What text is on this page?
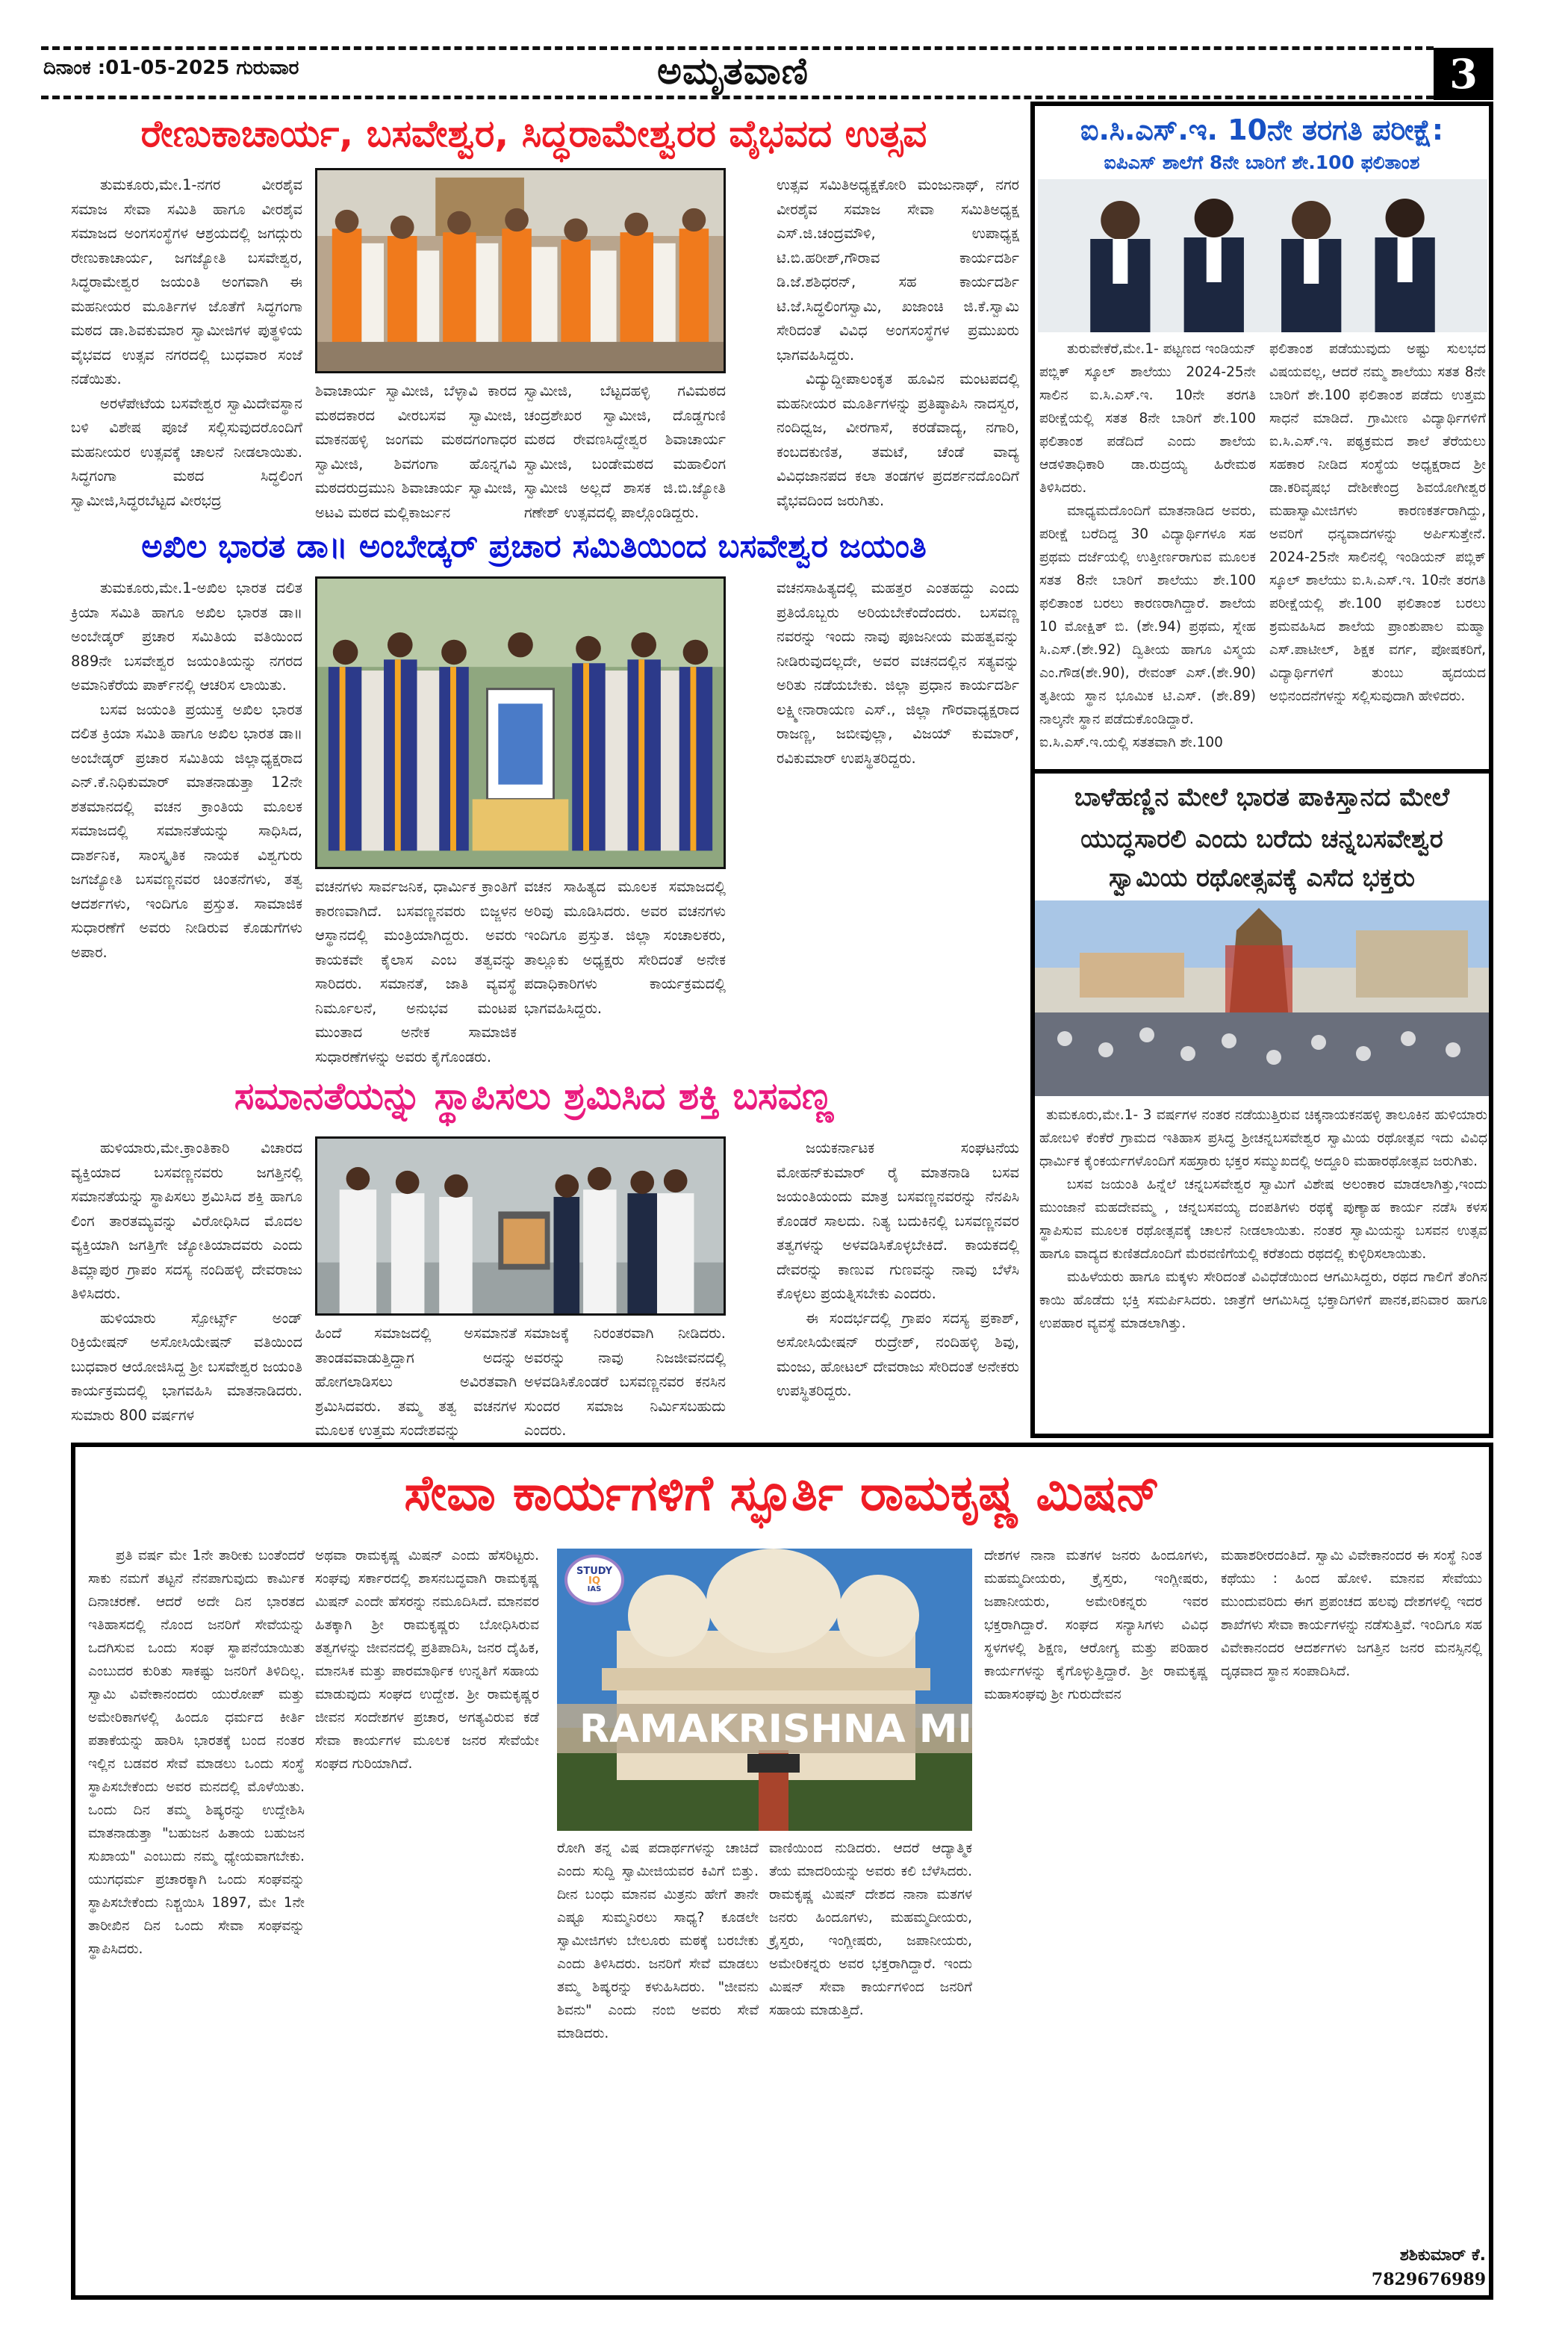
ದಿನಾಂಕ :01-05-2025 ಗುರುವಾರ	ಅಮೃತವಾಣಿ	3
ರೇಣುಕಾಚಾರ್ಯ, ಬಸವೇಶ್ವರ, ಸಿದ್ಧರಾಮೇಶ್ವರರ ವೈಭವದ ಉತ್ಸವ

ತುಮಕೂರು,ಮೇ.1-ನಗರ ವೀರಶೈವ ಸಮಾಜ ಸೇವಾ ಸಮಿತಿ ಹಾಗೂ ವೀರಶೈವ ಸಮಾಜದ ಅಂಗಸಂಸ್ಥೆಗಳ ಆಶ್ರಯದಲ್ಲಿ ಜಗದ್ಗುರು ರೇಣುಕಾಚಾರ್ಯ, ಜಗಜ್ಯೋತಿ ಬಸವೇಶ್ವರ, ಸಿದ್ಧರಾಮೇಶ್ವರ ಜಯಂತಿ ಅಂಗವಾಗಿ ಈ ಮಹನೀಯರ ಮೂರ್ತಿಗಳ ಜೊತೆಗೆ ಸಿದ್ಧಗಂಗಾ ಮಠದ ಡಾ.ಶಿವಕುಮಾರ ಸ್ವಾಮೀಜಿಗಳ ಪುತ್ಥಳಿಯ ವೈಭವದ ಉತ್ಸವ ನಗರದಲ್ಲಿ ಬುಧವಾರ ಸಂಜೆ ನಡೆಯಿತು.

ಅರಳೆಪೇಟೆಯ ಬಸವೇಶ್ವರ ಸ್ವಾಮಿದೇವಸ್ಥಾನ ಬಳಿ ವಿಶೇಷ ಪೂಜೆ ಸಲ್ಲಿಸುವುದರೊಂದಿಗೆ ಮಹನೀಯರ ಉತ್ಸವಕ್ಕೆ ಚಾಲನೆ ನೀಡಲಾಯಿತು. ಸಿದ್ಧಗಂಗಾ ಮಠದ ಸಿದ್ಧಲಿಂಗ ಸ್ವಾಮೀಜಿ,ಸಿದ್ಧರಬೆಟ್ಟದ ವೀರಭದ್ರ

ಶಿವಾಚಾರ್ಯ ಸ್ವಾಮೀಜಿ, ಬೆಳ್ಳಾವಿ ಕಾರದ ಮಠದಕಾರದ ವೀರಬಸವ ಸ್ವಾಮೀಜಿ, ಮಾಕನಹಳ್ಳಿ ಜಂಗಮ ಮಠದಗಂಗಾಧರ ಸ್ವಾಮೀಜಿ, ಶಿವಗಂಗಾ ಹೊನ್ನಗವಿ ಮಠದರುದ್ರಮುನಿ ಶಿವಾಚಾರ್ಯ ಸ್ವಾಮೀಜಿ, ಅಟವಿ ಮಠದ ಮಲ್ಲಿಕಾರ್ಜುನ

ಸ್ವಾಮೀಜಿ, ಬೆಟ್ಟದಹಳ್ಳಿ ಗವಿಮಠದ ಚಂದ್ರಶೇಖರ ಸ್ವಾಮೀಜಿ, ದೊಡ್ಡಗುಣಿ ಮಠದ ರೇವಣಸಿದ್ದೇಶ್ವರ ಶಿವಾಚಾರ್ಯ ಸ್ವಾಮೀಜಿ, ಬಂಡೇಮಠದ ಮಹಾಲಿಂಗ ಸ್ವಾಮೀಜಿ ಅಲ್ಲದೆ ಶಾಸಕ ಜಿ.ಬಿ.ಜ್ಯೋತಿ ಗಣೇಶ್ ಉತ್ಸವದಲ್ಲಿ ಪಾಲ್ಗೊಂಡಿದ್ದರು.

ಉತ್ಸವ ಸಮಿತಿಅಧ್ಯಕ್ಷಕೋರಿ ಮಂಜುನಾಥ್, ನಗರ ವೀರಶೈವ ಸಮಾಜ ಸೇವಾ ಸಮಿತಿಅಧ್ಯಕ್ಷ ಎಸ್.ಜಿ.ಚಂದ್ರಮೌಳಿ, ಉಪಾಧ್ಯಕ್ಷ ಟಿ.ಬಿ.ಹರೀಶ್,ಗೌರಾವ ಕಾರ್ಯದರ್ಶಿ ಡಿ.ಜೆ.ಶಶಿಧರನ್, ಸಹ ಕಾರ್ಯದರ್ಶಿ ಟಿ.ಜೆ.ಸಿದ್ಧಲಿಂಗಸ್ವಾಮಿ, ಖಜಾಂಚಿ ಜಿ.ಕೆ.ಸ್ವಾಮಿ ಸೇರಿದಂತೆ ವಿವಿಧ ಅಂಗಸಂಸ್ಥೆಗಳ ಪ್ರಮುಖರು ಭಾಗವಹಿಸಿದ್ದರು.

ವಿದ್ಯುದ್ದೀಪಾಲಂಕೃತ ಹೂವಿನ ಮಂಟಪದಲ್ಲಿ ಮಹನೀಯರ ಮೂರ್ತಿಗಳನ್ನು ಪ್ರತಿಷ್ಠಾಪಿಸಿ ನಾದಸ್ವರ, ನಂದಿಧ್ವಜ, ವೀರಗಾಸೆ, ಕರಡೆವಾದ್ಯ, ನಗಾರಿ, ಕಂಬದಕುಣಿತ, ತಮಟೆ, ಚೆಂಡೆ ವಾದ್ಯ ವಿವಿಧಜಾನಪದ ಕಲಾ ತಂಡಗಳ ಪ್ರದರ್ಶನದೊಂದಿಗೆ ವೈಭವದಿಂದ ಜರುಗಿತು.

ಐ.ಸಿ.ಎಸ್.ಇ. 10ನೇ ತರಗತಿ ಪರೀಕ್ಷೆ:
ಐಪಿಎಸ್ ಶಾಲೆಗೆ 8ನೇ ಬಾರಿಗೆ ಶೇ.100 ಫಲಿತಾಂಶ

ತುರುವೇಕೆರೆ,ಮೇ.1- ಪಟ್ಟಣದ ಇಂಡಿಯನ್ ಪಬ್ಲಿಕ್ ಸ್ಕೂಲ್ ಶಾಲೆಯು 2024-25ನೇ ಸಾಲಿನ ಐ.ಸಿ.ಎಸ್.ಇ. 10ನೇ ತರಗತಿ ಪರೀಕ್ಷೆಯಲ್ಲಿ ಸತತ 8ನೇ ಬಾರಿಗೆ ಶೇ.100 ಫಲಿತಾಂಶ ಪಡೆದಿದೆ ಎಂದು ಶಾಲೆಯ ಆಡಳಿತಾಧಿಕಾರಿ ಡಾ.ರುದ್ರಯ್ಯ ಹಿರೇಮಠ ತಿಳಿಸಿದರು.

ಮಾಧ್ಯಮದೊಂದಿಗೆ ಮಾತನಾಡಿದ ಅವರು, ಪರೀಕ್ಷೆ ಬರೆದಿದ್ದ 30 ವಿದ್ಯಾರ್ಥಿಗಳೂ ಸಹ ಪ್ರಥಮ ದರ್ಜೆಯಲ್ಲಿ ಉತ್ತೀರ್ಣರಾಗುವ ಮೂಲಕ ಸತತ 8ನೇ ಬಾರಿಗೆ ಶಾಲೆಯು ಶೇ.100 ಫಲಿತಾಂಶ ಬರಲು ಕಾರಣರಾಗಿದ್ದಾರೆ. ಶಾಲೆಯ 10 ಮೋಕ್ಷಿತ್ ಬಿ. (ಶೇ.94) ಪ್ರಥಮ, ಸ್ನೇಹ ಸಿ.ಎಸ್.(ಶೇ.92) ದ್ವಿತೀಯ ಹಾಗೂ ವಿಸ್ಮಯ ಎಂ.ಗೌಡ(ಶೇ.90), ರೇವಂತ್ ಎಸ್.(ಶೇ.90) ತೃತೀಯ ಸ್ಥಾನ ಭೂಮಿಕ ಟಿ.ಎಸ್. (ಶೇ.89) ನಾಲ್ಕನೇ ಸ್ಥಾನ ಪಡೆದುಕೊಂಡಿದ್ದಾರೆ.

ಐ.ಸಿ.ಎಸ್.ಇ.ಯಲ್ಲಿ ಸತತವಾಗಿ ಶೇ.100

ಫಲಿತಾಂಶ ಪಡೆಯುವುದು ಅಷ್ಟು ಸುಲಭದ ವಿಷಯವಲ್ಲ, ಆದರೆ ನಮ್ಮ ಶಾಲೆಯು ಸತತ 8ನೇ ಬಾರಿಗೆ ಶೇ.100 ಫಲಿತಾಂಶ ಪಡೆದು ಉತ್ತಮ ಸಾಧನೆ ಮಾಡಿದೆ. ಗ್ರಾಮೀಣ ವಿದ್ಯಾರ್ಥಿಗಳಿಗೆ ಐ.ಸಿ.ಎಸ್.ಇ. ಪಠ್ಯಕ್ರಮದ ಶಾಲೆ ತೆರೆಯಲು ಸಹಕಾರ ನೀಡಿದ ಸಂಸ್ಥೆಯ ಅಧ್ಯಕ್ಷರಾದ ಶ್ರೀ ಡಾ.ಕರಿವೃಷಭ ದೇಶೀಕೇಂದ್ರ ಶಿವಯೋಗೀಶ್ವರ ಮಹಾಸ್ವಾಮೀಜಿಗಳು ಕಾರಣಕರ್ತರಾಗಿದ್ದು, ಅವರಿಗೆ ಧನ್ಯವಾದಗಳನ್ನು ಅರ್ಪಿಸುತ್ತೇನೆ. 2024-25ನೇ ಸಾಲಿನಲ್ಲಿ ಇಂಡಿಯನ್ ಪಬ್ಲಿಕ್ ಸ್ಕೂಲ್ ಶಾಲೆಯು ಐ.ಸಿ.ಎಸ್.ಇ. 10ನೇ ತರಗತಿ ಪರೀಕ್ಷೆಯಲ್ಲಿ ಶೇ.100 ಫಲಿತಾಂಶ ಬರಲು ಶ್ರಮವಹಿಸಿದ ಶಾಲೆಯ ಪ್ರಾಂಶುಪಾಲ ಮಹ್ಮಾ ಎಸ್.ಪಾಟೀಲ್, ಶಿಕ್ಷಕ ವರ್ಗ, ಪೋಷಕರಿಗೆ, ವಿದ್ಯಾರ್ಥಿಗಳಿಗೆ ತುಂಬು ಹೃದಯದ ಅಭಿನಂದನೆಗಳನ್ನು ಸಲ್ಲಿಸುವುದಾಗಿ ಹೇಳಿದರು.

ಬಾಳೆಹಣ್ಣಿನ ಮೇಲೆ ಭಾರತ ಪಾಕಿಸ್ತಾನದ ಮೇಲೆ
ಯುದ್ಧಸಾರಲಿ ಎಂದು ಬರೆದು ಚನ್ನಬಸವೇಶ್ವರ
ಸ್ವಾಮಿಯ ರಥೋತ್ಸವಕ್ಕೆ ಎಸೆದ ಭಕ್ತರು

ತುಮಕೂರು,ಮೇ.1- 3 ವರ್ಷಗಳ ನಂತರ ನಡೆಯುತ್ತಿರುವ ಚಿಕ್ಕನಾಯಕನಹಳ್ಳಿ ತಾಲೂಕಿನ ಹುಳಿಯಾರು ಹೋಬಳಿ ಕೆಂಕೆರೆ ಗ್ರಾಮದ ಇತಿಹಾಸ ಪ್ರಸಿದ್ಧ ಶ್ರೀಚನ್ನಬಸವೇಶ್ವರ ಸ್ವಾಮಿಯ ರಥೋತ್ಸವ ಇದು ವಿವಿಧ ಧಾರ್ಮಿಕ ಕೈಂಕರ್ಯಗಳೊಂದಿಗೆ ಸಹಸ್ರಾರು ಭಕ್ತರ ಸಮ್ಮುಖದಲ್ಲಿ ಅದ್ದೂರಿ ಮಹಾರಥೋತ್ಸವ ಜರುಗಿತು.

ಬಸವ ಜಯಂತಿ ಹಿನ್ನೆಲೆ ಚನ್ನಬಸವೇಶ್ವರ ಸ್ವಾಮಿಗೆ ವಿಶೇಷ ಅಲಂಕಾರ ಮಾಡಲಾಗಿತ್ತು,ಇಂದು ಮುಂಜಾನೆ ಮಹದೇವಮ್ಮ , ಚನ್ನಬಸವಯ್ಯ ದಂಪತಿಗಳು ರಥಕ್ಕೆ ಪುಣ್ಯಾಹ ಕಾರ್ಯ ನಡೆಸಿ ಕಳಸ ಸ್ಥಾಪಿಸುವ ಮೂಲಕ ರಥೋತ್ಸವಕ್ಕೆ ಚಾಲನೆ ನೀಡಲಾಯಿತು. ನಂತರ ಸ್ವಾಮಿಯನ್ನು ಬಸವನ ಉತ್ಸವ ಹಾಗೂ ವಾದ್ಯದ ಕುಣಿತದೊಂದಿಗೆ ಮೆರವಣಿಗೆಯಲ್ಲಿ ಕರೆತಂದು ರಥದಲ್ಲಿ ಕುಳ್ಳಿರಿಸಲಾಯಿತು.

ಮಹಿಳೆಯರು ಹಾಗೂ ಮಕ್ಕಳು ಸೇರಿದಂತೆ ವಿವಿಧೆಡೆಯಿಂದ ಆಗಮಿಸಿದ್ದರು, ರಥದ ಗಾಲಿಗೆ ತೆಂಗಿನ ಕಾಯಿ ಹೊಡೆದು ಭಕ್ತಿ ಸಮರ್ಪಿಸಿದರು. ಜಾತ್ರೆಗೆ ಆಗಮಿಸಿದ್ದ ಭಕ್ತಾದಿಗಳಿಗೆ ಪಾನಕ,ಪನಿವಾರ ಹಾಗೂ ಉಪಹಾರ ವ್ಯವಸ್ಥೆ ಮಾಡಲಾಗಿತ್ತು.

ಅಖಿಲ ಭಾರತ ಡಾ॥ ಅಂಬೇಡ್ಕರ್ ಪ್ರಚಾರ ಸಮಿತಿಯಿಂದ ಬಸವೇಶ್ವರ ಜಯಂತಿ

ತುಮಕೂರು,ಮೇ.1-ಅಖಿಲ ಭಾರತ ದಲಿತ ಕ್ರಿಯಾ ಸಮಿತಿ ಹಾಗೂ ಅಖಿಲ ಭಾರತ ಡಾ॥ ಅಂಬೇಡ್ಕರ್ ಪ್ರಚಾರ ಸಮಿತಿಯ ವತಿಯಿಂದ 889ನೇ ಬಸವೇಶ್ವರ ಜಯಂತಿಯನ್ನು ನಗರದ ಅಮಾನಿಕೆರೆಯ ಪಾರ್ಕ್‌ನಲ್ಲಿ ಆಚರಿಸ ಲಾಯಿತು.

ಬಸವ ಜಯಂತಿ ಪ್ರಯುಕ್ತ ಅಖಿಲ ಭಾರತ ದಲಿತ ಕ್ರಿಯಾ ಸಮಿತಿ ಹಾಗೂ ಅಖಿಲ ಭಾರತ ಡಾ॥ ಅಂಬೇಡ್ಕರ್ ಪ್ರಚಾರ ಸಮಿತಿಯ ಜಿಲ್ಲಾಧ್ಯಕ್ಷರಾದ ಎನ್.ಕೆ.ನಿಧಿಕುಮಾರ್ ಮಾತನಾಡುತ್ತಾ 12ನೇ ಶತಮಾನದಲ್ಲಿ ವಚನ ಕ್ರಾಂತಿಯ ಮೂಲಕ ಸಮಾಜದಲ್ಲಿ ಸಮಾನತೆಯನ್ನು ಸಾಧಿಸಿದ, ದಾರ್ಶನಿಕ, ಸಾಂಸ್ಕೃತಿಕ ನಾಯಕ ವಿಶ್ವಗುರು ಜಗಜ್ಯೋತಿ ಬಸವಣ್ಣನವರ ಚಿಂತನೆಗಳು, ತತ್ವ ಆದರ್ಶಗಳು, ಇಂದಿಗೂ ಪ್ರಸ್ತುತ. ಸಾಮಾಜಿಕ ಸುಧಾರಣೆಗೆ ಅವರು ನೀಡಿರುವ ಕೊಡುಗೆಗಳು ಅಪಾರ.

ವಚನಗಳು ಸಾರ್ವಜನಿಕ, ಧಾರ್ಮಿಕ ಕ್ರಾಂತಿಗೆ ಕಾರಣವಾಗಿದೆ. ಬಸವಣ್ಣನವರು ಬಿಜ್ಜಳನ ಆಸ್ಥಾನದಲ್ಲಿ ಮಂತ್ರಿಯಾಗಿದ್ದರು. ಅವರು ಕಾಯಕವೇ ಕೈಲಾಸ ಎಂಬ ತತ್ವವನ್ನು ಸಾರಿದರು. ಸಮಾನತೆ, ಜಾತಿ ವ್ಯವಸ್ಥೆ ನಿರ್ಮೂಲನೆ, ಅನುಭವ ಮಂಟಪ ಮುಂತಾದ ಅನೇಕ ಸಾಮಾಜಿಕ ಸುಧಾರಣೆಗಳನ್ನು ಅವರು ಕೈಗೊಂಡರು.

ವಚನ ಸಾಹಿತ್ಯದ ಮೂಲಕ ಸಮಾಜದಲ್ಲಿ ಅರಿವು ಮೂಡಿಸಿದರು. ಅವರ ವಚನಗಳು ಇಂದಿಗೂ ಪ್ರಸ್ತುತ. ಜಿಲ್ಲಾ ಸಂಚಾಲಕರು, ತಾಲ್ಲೂಕು ಅಧ್ಯಕ್ಷರು ಸೇರಿದಂತೆ ಅನೇಕ ಪದಾಧಿಕಾರಿಗಳು ಕಾರ್ಯಕ್ರಮದಲ್ಲಿ ಭಾಗವಹಿಸಿದ್ದರು.

ವಚನಸಾಹಿತ್ಯದಲ್ಲಿ ಮಹತ್ತರ ಎಂತಹದ್ದು ಎಂದು ಪ್ರತಿಯೊಬ್ಬರು ಅರಿಯಬೇಕೆಂದೆಂದರು. ಬಸವಣ್ಣ ನವರನ್ನು ಇಂದು ನಾವು ಪೂಜನೀಯ ಮಹತ್ವವನ್ನು ನೀಡಿರುವುದಲ್ಲದೇ, ಅವರ ವಚನದಲ್ಲಿನ ಸತ್ಯವನ್ನು ಅರಿತು ನಡೆಯಬೇಕು. ಜಿಲ್ಲಾ ಪ್ರಧಾನ ಕಾರ್ಯದರ್ಶಿ ಲಕ್ಷ್ಮೀನಾರಾಯಣ ಎಸ್., ಜಿಲ್ಲಾ ಗೌರವಾಧ್ಯಕ್ಷರಾದ ರಾಜಣ್ಣ, ಜಬೀವುಲ್ಲಾ, ವಿಜಯ್ ಕುಮಾರ್, ರವಿಕುಮಾರ್ ಉಪಸ್ಥಿತರಿದ್ದರು.

ಸಮಾನತೆಯನ್ನು ಸ್ಥಾಪಿಸಲು ಶ್ರಮಿಸಿದ ಶಕ್ತಿ ಬಸವಣ್ಣ

ಹುಳಿಯಾರು,ಮೇ.ಕ್ರಾಂತಿಕಾರಿ ವಿಚಾರದ ವ್ಯಕ್ತಿಯಾದ ಬಸವಣ್ಣನವರು ಜಗತ್ತಿನಲ್ಲಿ ಸಮಾನತೆಯನ್ನು ಸ್ಥಾಪಿಸಲು ಶ್ರಮಿಸಿದ ಶಕ್ತಿ ಹಾಗೂ ಲಿಂಗ ತಾರತಮ್ಯವನ್ನು ವಿರೋಧಿಸಿದ ಮೊದಲ ವ್ಯಕ್ತಿಯಾಗಿ ಜಗತ್ತಿಗೇ ಜ್ಯೋತಿಯಾದವರು ಎಂದು ತಿಮ್ಲಾಪುರ ಗ್ರಾಪಂ ಸದಸ್ಯ ನಂದಿಹಳ್ಳಿ ದೇವರಾಜು ತಿಳಿಸಿದರು.

ಹುಳಿಯಾರು ಸ್ಪೋರ್ಟ್ಸ್ ಅಂಡ್ ರಿಕ್ರಿಯೇಷನ್ ಅಸೋಸಿಯೇಷನ್ ವತಿಯಿಂದ ಬುಧವಾರ ಆಯೋಜಿಸಿದ್ದ ಶ್ರೀ ಬಸವೇಶ್ವರ ಜಯಂತಿ ಕಾರ್ಯಕ್ರಮದಲ್ಲಿ ಭಾಗವಹಿಸಿ ಮಾತನಾಡಿದರು. ಸುಮಾರು 800 ವರ್ಷಗಳ

ಹಿಂದೆ ಸಮಾಜದಲ್ಲಿ ಅಸಮಾನತೆ ತಾಂಡವವಾಡುತ್ತಿದ್ದಾಗ ಅದನ್ನು ಹೋಗಲಾಡಿಸಲು ಅವಿರತವಾಗಿ ಶ್ರಮಿಸಿದವರು. ತಮ್ಮ ತತ್ವ ವಚನಗಳ ಮೂಲಕ ಉತ್ತಮ ಸಂದೇಶವನ್ನು

ಸಮಾಜಕ್ಕೆ ನಿರಂತರವಾಗಿ ನೀಡಿದರು. ಅವರನ್ನು ನಾವು ನಿಜಜೀವನದಲ್ಲಿ ಅಳವಡಿಸಿಕೊಂಡರೆ ಬಸವಣ್ಣನವರ ಕನಸಿನ ಸುಂದರ ಸಮಾಜ ನಿರ್ಮಿಸಬಹುದು ಎಂದರು.

ಜಯಕರ್ನಾಟಕ ಸಂಘಟನೆಯ ಮೋಹನ್‌ಕುಮಾರ್ ರೈ ಮಾತನಾಡಿ ಬಸವ ಜಯಂತಿಯಂದು ಮಾತ್ರ ಬಸವಣ್ಣನವರನ್ನು ನೆನಪಿಸಿ ಕೊಂಡರೆ ಸಾಲದು. ನಿತ್ಯ ಬದುಕಿನಲ್ಲಿ ಬಸವಣ್ಣನವರ ತತ್ವಗಳನ್ನು ಅಳವಡಿಸಿಕೊಳ್ಳಬೇಕಿದೆ. ಕಾಯಕದಲ್ಲಿ ದೇವರನ್ನು ಕಾಣುವ ಗುಣವನ್ನು ನಾವು ಬೆಳೆಸಿ ಕೊಳ್ಳಲು ಪ್ರಯತ್ನಿಸಬೇಕು ಎಂದರು.

ಈ ಸಂದರ್ಭದಲ್ಲಿ ಗ್ರಾಪಂ ಸದಸ್ಯ ಪ್ರಕಾಶ್, ಅಸೋಸಿಯೇಷನ್ ರುದ್ರೇಶ್, ನಂದಿಹಳ್ಳಿ ಶಿವು, ಮಂಜು, ಹೋಟಲ್ ದೇವರಾಜು ಸೇರಿದಂತೆ ಅನೇಕರು ಉಪಸ್ಥಿತರಿದ್ದರು.

ಸೇವಾ ಕಾರ್ಯಗಳಿಗೆ ಸ್ಫೂರ್ತಿ ರಾಮಕೃಷ್ಣ ಮಿಷನ್

ಪ್ರತಿ ವರ್ಷ ಮೇ 1ನೇ ತಾರೀಕು ಬಂತೆಂದರೆ ಸಾಕು ನಮಗೆ ತಟ್ಟನೆ ನೆನಪಾಗುವುದು ಕಾರ್ಮಿಕ ದಿನಾಚರಣೆ. ಆದರೆ ಅದೇ ದಿನ ಭಾರತದ ಇತಿಹಾಸದಲ್ಲಿ ನೊಂದ ಜನರಿಗೆ ಸೇವೆಯನ್ನು ಒದಗಿಸುವ ಒಂದು ಸಂಘ ಸ್ಥಾಪನೆಯಾಯಿತು ಎಂಬುದರ ಕುರಿತು ಸಾಕಷ್ಟು ಜನರಿಗೆ ತಿಳಿದಿಲ್ಲ. ಸ್ವಾಮಿ ವಿವೇಕಾನಂದರು ಯುರೋಪ್ ಮತ್ತು ಅಮೇರಿಕಾಗಳಲ್ಲಿ ಹಿಂದೂ ಧರ್ಮದ ಕೀರ್ತಿ ಪತಾಕೆಯನ್ನು ಹಾರಿಸಿ ಭಾರತಕ್ಕೆ ಬಂದ ನಂತರ ಇಲ್ಲಿನ ಬಡವರ ಸೇವೆ ಮಾಡಲು ಒಂದು ಸಂಸ್ಥೆ ಸ್ಥಾಪಿಸಬೇಕೆಂದು ಅವರ ಮನದಲ್ಲಿ ಮೊಳೆಯಿತು. ಒಂದು ದಿನ ತಮ್ಮ ಶಿಷ್ಯರನ್ನು ಉದ್ದೇಶಿಸಿ ಮಾತನಾಡುತ್ತಾ "ಬಹುಜನ ಹಿತಾಯ ಬಹುಜನ ಸುಖಾಯ" ಎಂಬುದು ನಮ್ಮ ಧ್ಯೇಯವಾಗಬೇಕು. ಯುಗಧರ್ಮ ಪ್ರಚಾರಕ್ಕಾಗಿ ಒಂದು ಸಂಘವನ್ನು ಸ್ಥಾಪಿಸಬೇಕೆಂದು ನಿಶ್ಚಯಿಸಿ 1897, ಮೇ 1ನೇ ತಾರೀಖಿನ ದಿನ ಒಂದು ಸೇವಾ ಸಂಘವನ್ನು ಸ್ಥಾಪಿಸಿದರು.

ಅಥವಾ ರಾಮಕೃಷ್ಣ ಮಿಷನ್ ಎಂದು ಹೆಸರಿಟ್ಟರು. ಸಂಘವು ಸರ್ಕಾರದಲ್ಲಿ ಶಾಸನಬದ್ಧವಾಗಿ ರಾಮಕೃಷ್ಣ ಮಿಷನ್ ಎಂದೇ ಹೆಸರನ್ನು ನಮೂದಿಸಿದೆ. ಮಾನವರ ಹಿತಕ್ಕಾಗಿ ಶ್ರೀ ರಾಮಕೃಷ್ಣರು ಬೋಧಿಸಿರುವ ತತ್ವಗಳನ್ನು ಜೀವನದಲ್ಲಿ ಪ್ರತಿಪಾದಿಸಿ, ಜನರ ದೈಹಿಕ, ಮಾನಸಿಕ ಮತ್ತು ಪಾರಮಾರ್ಥಿಕ ಉನ್ನತಿಗೆ ಸಹಾಯ ಮಾಡುವುದು ಸಂಘದ ಉದ್ದೇಶ. ಶ್ರೀ ರಾಮಕೃಷ್ಣರ ಜೀವನ ಸಂದೇಶಗಳ ಪ್ರಚಾರ, ಅಗತ್ಯವಿರುವ ಕಡೆ ಸೇವಾ ಕಾರ್ಯಗಳ ಮೂಲಕ ಜನರ ಸೇವೆಯೇ ಸಂಘದ ಗುರಿಯಾಗಿದೆ.

RAMAKRISHNA MISSION
STUDY
IQ
IAS

ರೋಗಿ ತನ್ನ ವಿಷ ಪದಾರ್ಥಗಳನ್ನು ಚಾಚಿದೆ ಎಂದು ಸುದ್ದಿ ಸ್ವಾಮೀಜಿಯವರ ಕಿವಿಗೆ ಬಿತ್ತು. ದೀನ ಬಂಧು ಮಾನವ ಮಿತ್ರನು ಹೇಗೆ ತಾನೇ ಎಷ್ಟೂ ಸುಮ್ಮನಿರಲು ಸಾಧ್ಯ? ಕೂಡಲೇ ಸ್ವಾಮೀಜಿಗಳು ಬೇಲೂರು ಮಠಕ್ಕೆ ಬರಬೇಕು ಎಂದು ತಿಳಿಸಿದರು. ಜನರಿಗೆ ಸೇವೆ ಮಾಡಲು ತಮ್ಮ ಶಿಷ್ಯರನ್ನು ಕಳುಹಿಸಿದರು. "ಜೀವನು ಶಿವನು" ಎಂದು ನಂಬಿ ಅವರು ಸೇವೆ ಮಾಡಿದರು.

ವಾಣಿಯಿಂದ ನುಡಿದರು. ಆದರೆ ಆದ್ಯಾತ್ಮಿಕ ತೆಯ ಮಾದರಿಯನ್ನು ಅವರು ಕಲಿ ಬೆಳೆಸಿದರು. ರಾಮಕೃಷ್ಣ ಮಿಷನ್ ದೇಶದ ನಾನಾ ಮತಗಳ ಜನರು ಹಿಂದೂಗಳು, ಮಹಮ್ಮದೀಯರು, ಕ್ರೈಸ್ತರು, ಇಂಗ್ಲೀಷರು, ಜಪಾನೀಯರು, ಅಮೇರಿಕನ್ನರು ಅವರ ಭಕ್ತರಾಗಿದ್ದಾರೆ. ಇಂದು ಮಿಷನ್ ಸೇವಾ ಕಾರ್ಯಗಳಿಂದ ಜನರಿಗೆ ಸಹಾಯ ಮಾಡುತ್ತಿದೆ.

ದೇಶಗಳ ನಾನಾ ಮತಗಳ ಜನರು ಹಿಂದೂಗಳು, ಮಹಮ್ಮದೀಯರು, ಕ್ರೈಸ್ತರು, ಇಂಗ್ಲೀಷರು, ಜಪಾನೀಯರು, ಅಮೇರಿಕನ್ನರು ಇವರ ಭಕ್ತರಾಗಿದ್ದಾರೆ. ಸಂಘದ ಸನ್ಯಾಸಿಗಳು ವಿವಿಧ ಸ್ಥಳಗಳಲ್ಲಿ ಶಿಕ್ಷಣ, ಆರೋಗ್ಯ ಮತ್ತು ಪರಿಹಾರ ಕಾರ್ಯಗಳನ್ನು ಕೈಗೊಳ್ಳುತ್ತಿದ್ದಾರೆ. ಶ್ರೀ ರಾಮಕೃಷ್ಣ ಮಹಾಸಂಘವು ಶ್ರೀ ಗುರುದೇವನ

ಮಹಾಶರೀರದಂತಿದೆ. ಸ್ವಾಮಿ ವಿವೇಕಾನಂದರ ಈ ಸಂಸ್ಥೆ ನಿಂತ ಕಥೆಯು : ಹಿಂದ ಹೋಳಿ. ಮಾನವ ಸೇವೆಯು ಮುಂದುವರಿದು ಈಗ ಪ್ರಪಂಚದ ಹಲವು ದೇಶಗಳಲ್ಲಿ ಇದರ ಶಾಖೆಗಳು ಸೇವಾ ಕಾರ್ಯಗಳನ್ನು ನಡೆಸುತ್ತಿವೆ. ಇಂದಿಗೂ ಸಹ ವಿವೇಕಾನಂದರ ಆದರ್ಶಗಳು ಜಗತ್ತಿನ ಜನರ ಮನಸ್ಸಿನಲ್ಲಿ ದೃಢವಾದ ಸ್ಥಾನ ಸಂಪಾದಿಸಿದೆ.

ಶಶಿಕುಮಾರ್ ಕೆ.
7829676989
